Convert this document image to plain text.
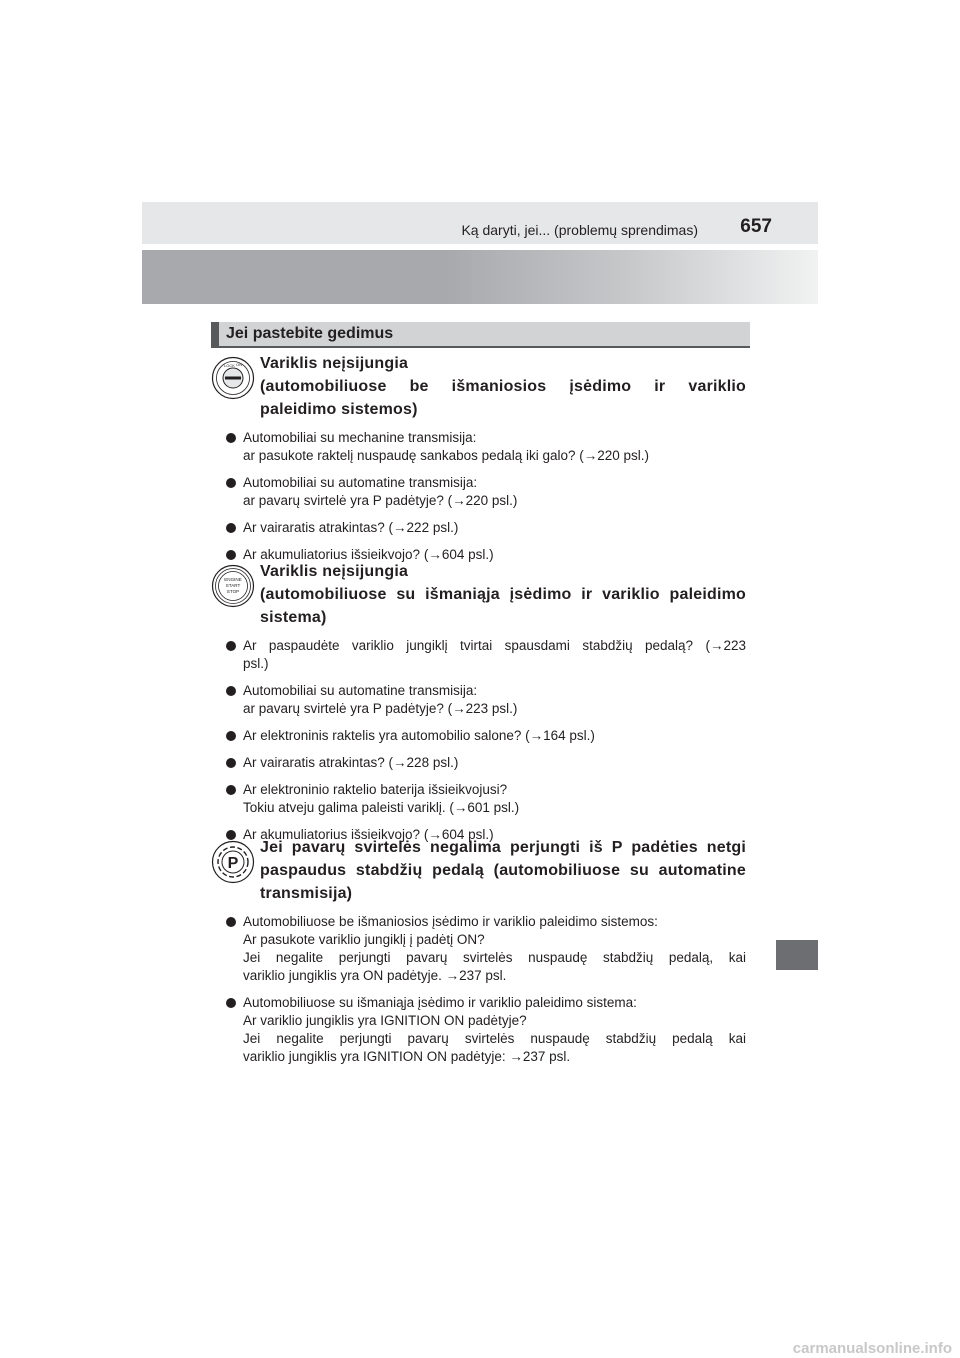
Ką daryti, jei... (problemų sprendimas) 657
Jei pastebite gedimus
LOCK ON Variklis neįsijungia
(automobiliuose be išmaniosios įsėdimo ir variklio
paleidimo sistemos)
Automobiliai su mechanine transmisija:
ar pasukote raktelį nuspaudę sankabos pedalą iki galo? (→220 psl.)
Automobiliai su automatine transmisija:
ar pavarų svirtelė yra P padėtyje? (→220 psl.)
Ar vairaratis atrakintas? (→222 psl.)
Ar akumuliatorius išsieikvojo? (→604 psl.)
ENGINE
START
STOP
Variklis neįsijungia
(automobiliuose su išmaniąja įsėdimo ir variklio paleidimo
sistema)
Ar paspaudėte variklio jungiklį tvirtai spausdami stabdžių pedalą? (→223
psl.)
Automobiliai su automatine transmisija:
ar pavarų svirtelė yra P padėtyje? (→223 psl.)
Ar elektroninis raktelis yra automobilio salone? (→164 psl.)
Ar vairaratis atrakintas? (→228 psl.)
Ar elektroninio raktelio baterija išsieikvojusi?
Tokiu atveju galima paleisti variklį. (→601 psl.)
Ar akumuliatorius išsieikvojo? (→604 psl.)
P
Jei pavarų svirtelės negalima perjungti iš P padėties netgi
paspaudus stabdžių pedalą (automobiliuose su automatine
transmisija)
Automobiliuose be išmaniosios įsėdimo ir variklio paleidimo sistemos:
Ar pasukote variklio jungiklį į padėtį ON?
Jei negalite perjungti pavarų svirtelės nuspaudę stabdžių pedalą, kai
variklio jungiklis yra ON padėtyje. →237 psl.
Automobiliuose su išmaniąja įsėdimo ir variklio paleidimo sistema:
Ar variklio jungiklis yra IGNITION ON padėtyje?
Jei negalite perjungti pavarų svirtelės nuspaudę stabdžių pedalą kai
variklio jungiklis yra IGNITION ON padėtyje: →237 psl.
carmanualsonline.info
